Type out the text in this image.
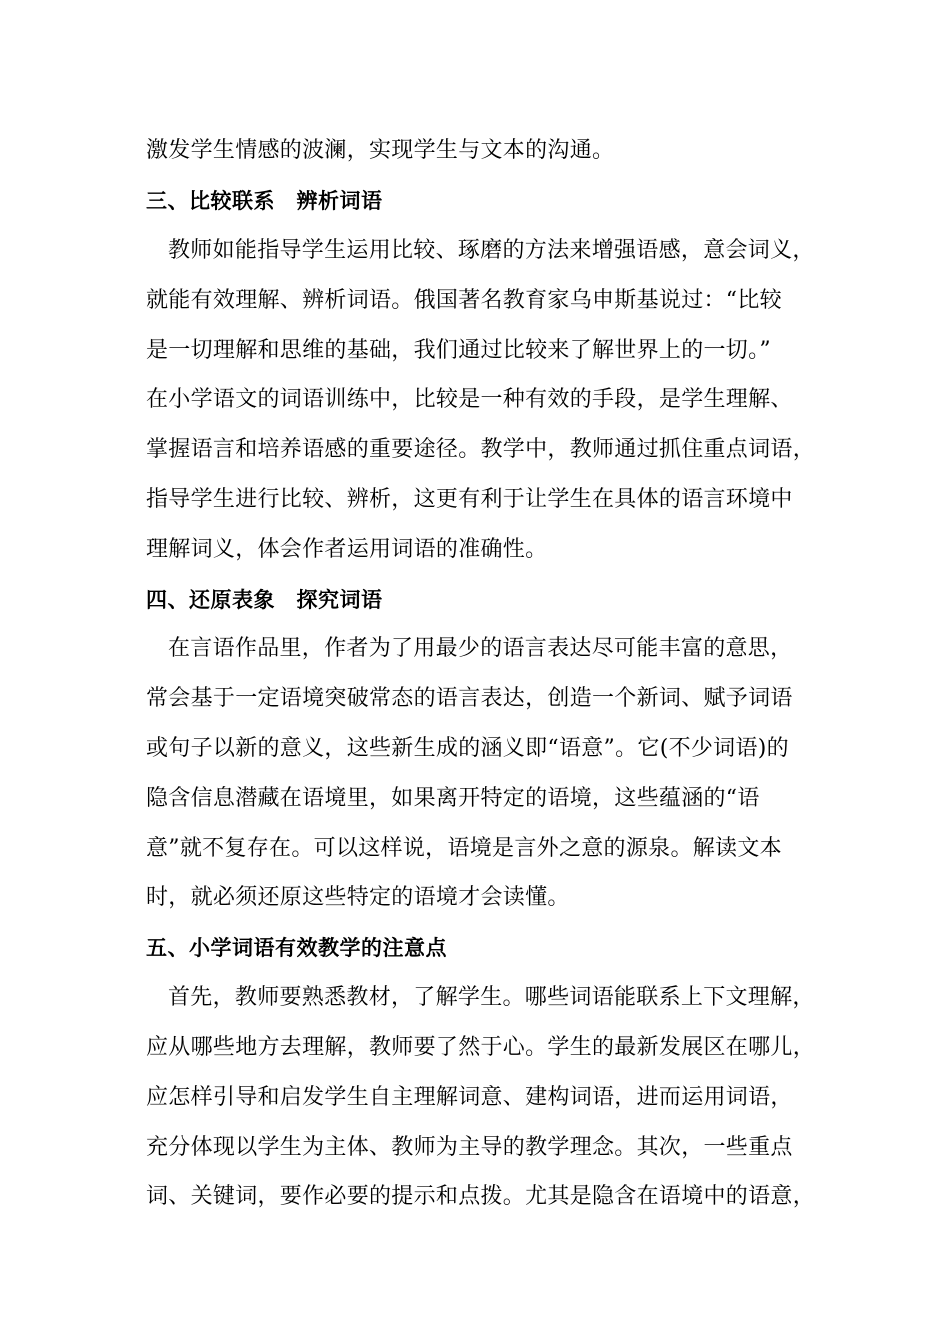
激发学生情感的波澜，实现学生与文本的沟通。
三、比较联系　辨析词语
教师如能指导学生运用比较、琢磨的方法来增强语感，意会词义，
就能有效理解、辨析词语。俄国著名教育家乌申斯基说过：“比较
是一切理解和思维的基础，我们通过比较来了解世界上的一切。”
在小学语文的词语训练中，比较是一种有效的手段，是学生理解、
掌握语言和培养语感的重要途径。教学中，教师通过抓住重点词语，
指导学生进行比较、辨析，这更有利于让学生在具体的语言环境中
理解词义，体会作者运用词语的准确性。
四、还原表象　探究词语
在言语作品里，作者为了用最少的语言表达尽可能丰富的意思，
常会基于一定语境突破常态的语言表达，创造一个新词、赋予词语
或句子以新的意义，这些新生成的涵义即“语意”。它(不少词语)的
隐含信息潜藏在语境里，如果离开特定的语境，这些蕴涵的“语
意”就不复存在。可以这样说，语境是言外之意的源泉。解读文本
时，就必须还原这些特定的语境才会读懂。
五、小学词语有效教学的注意点
首先，教师要熟悉教材，了解学生。哪些词语能联系上下文理解，
应从哪些地方去理解，教师要了然于心。学生的最新发展区在哪儿，
应怎样引导和启发学生自主理解词意、建构词语，进而运用词语，
充分体现以学生为主体、教师为主导的教学理念。其次，一些重点
词、关键词，要作必要的提示和点拨。尤其是隐含在语境中的语意，
